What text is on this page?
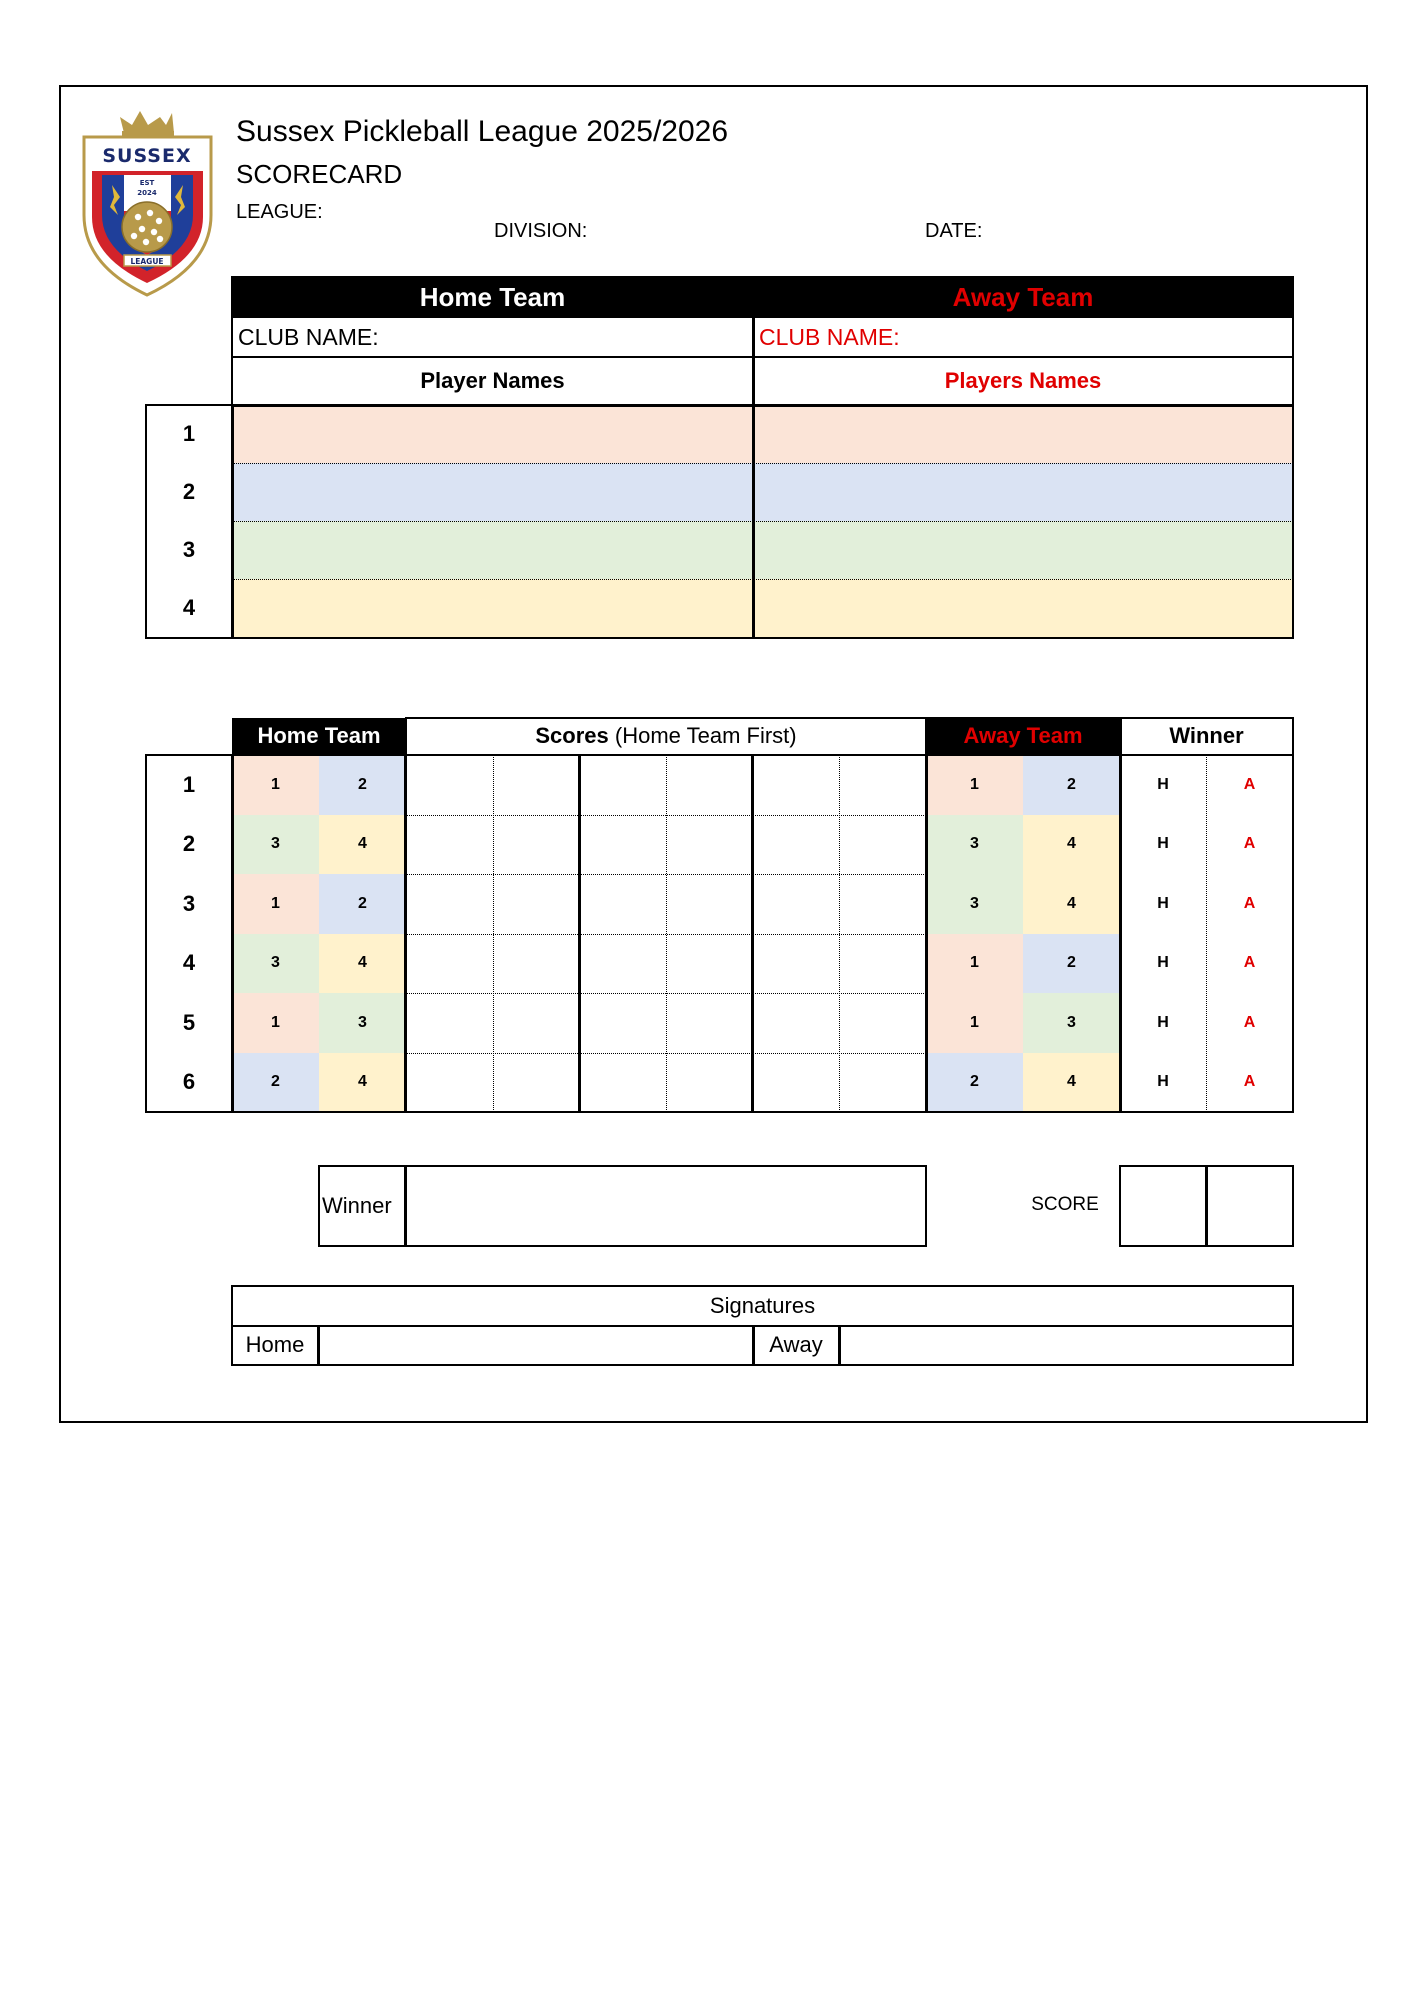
SUSSEX
EST
2024
LEAGUE
Sussex Pickleball League 2025/2026
SCORECARD
LEAGUE:
DIVISION:	DATE:
Home Team	Away Team
CLUB NAME:	CLUB NAME:
Player Names	Players Names
1
2
3
4
Home Team	Scores (Home Team First)	Away Team	Winner
1	1	2	1	2	H	A
2	3	4	3	4	H	A
3	1	2	3	4	H	A
4	3	4	1	2	H	A
5	1	3	1	3	H	A
6	2	4	2	4	H	A
Winner	SCORE
Signatures
Home	Away
